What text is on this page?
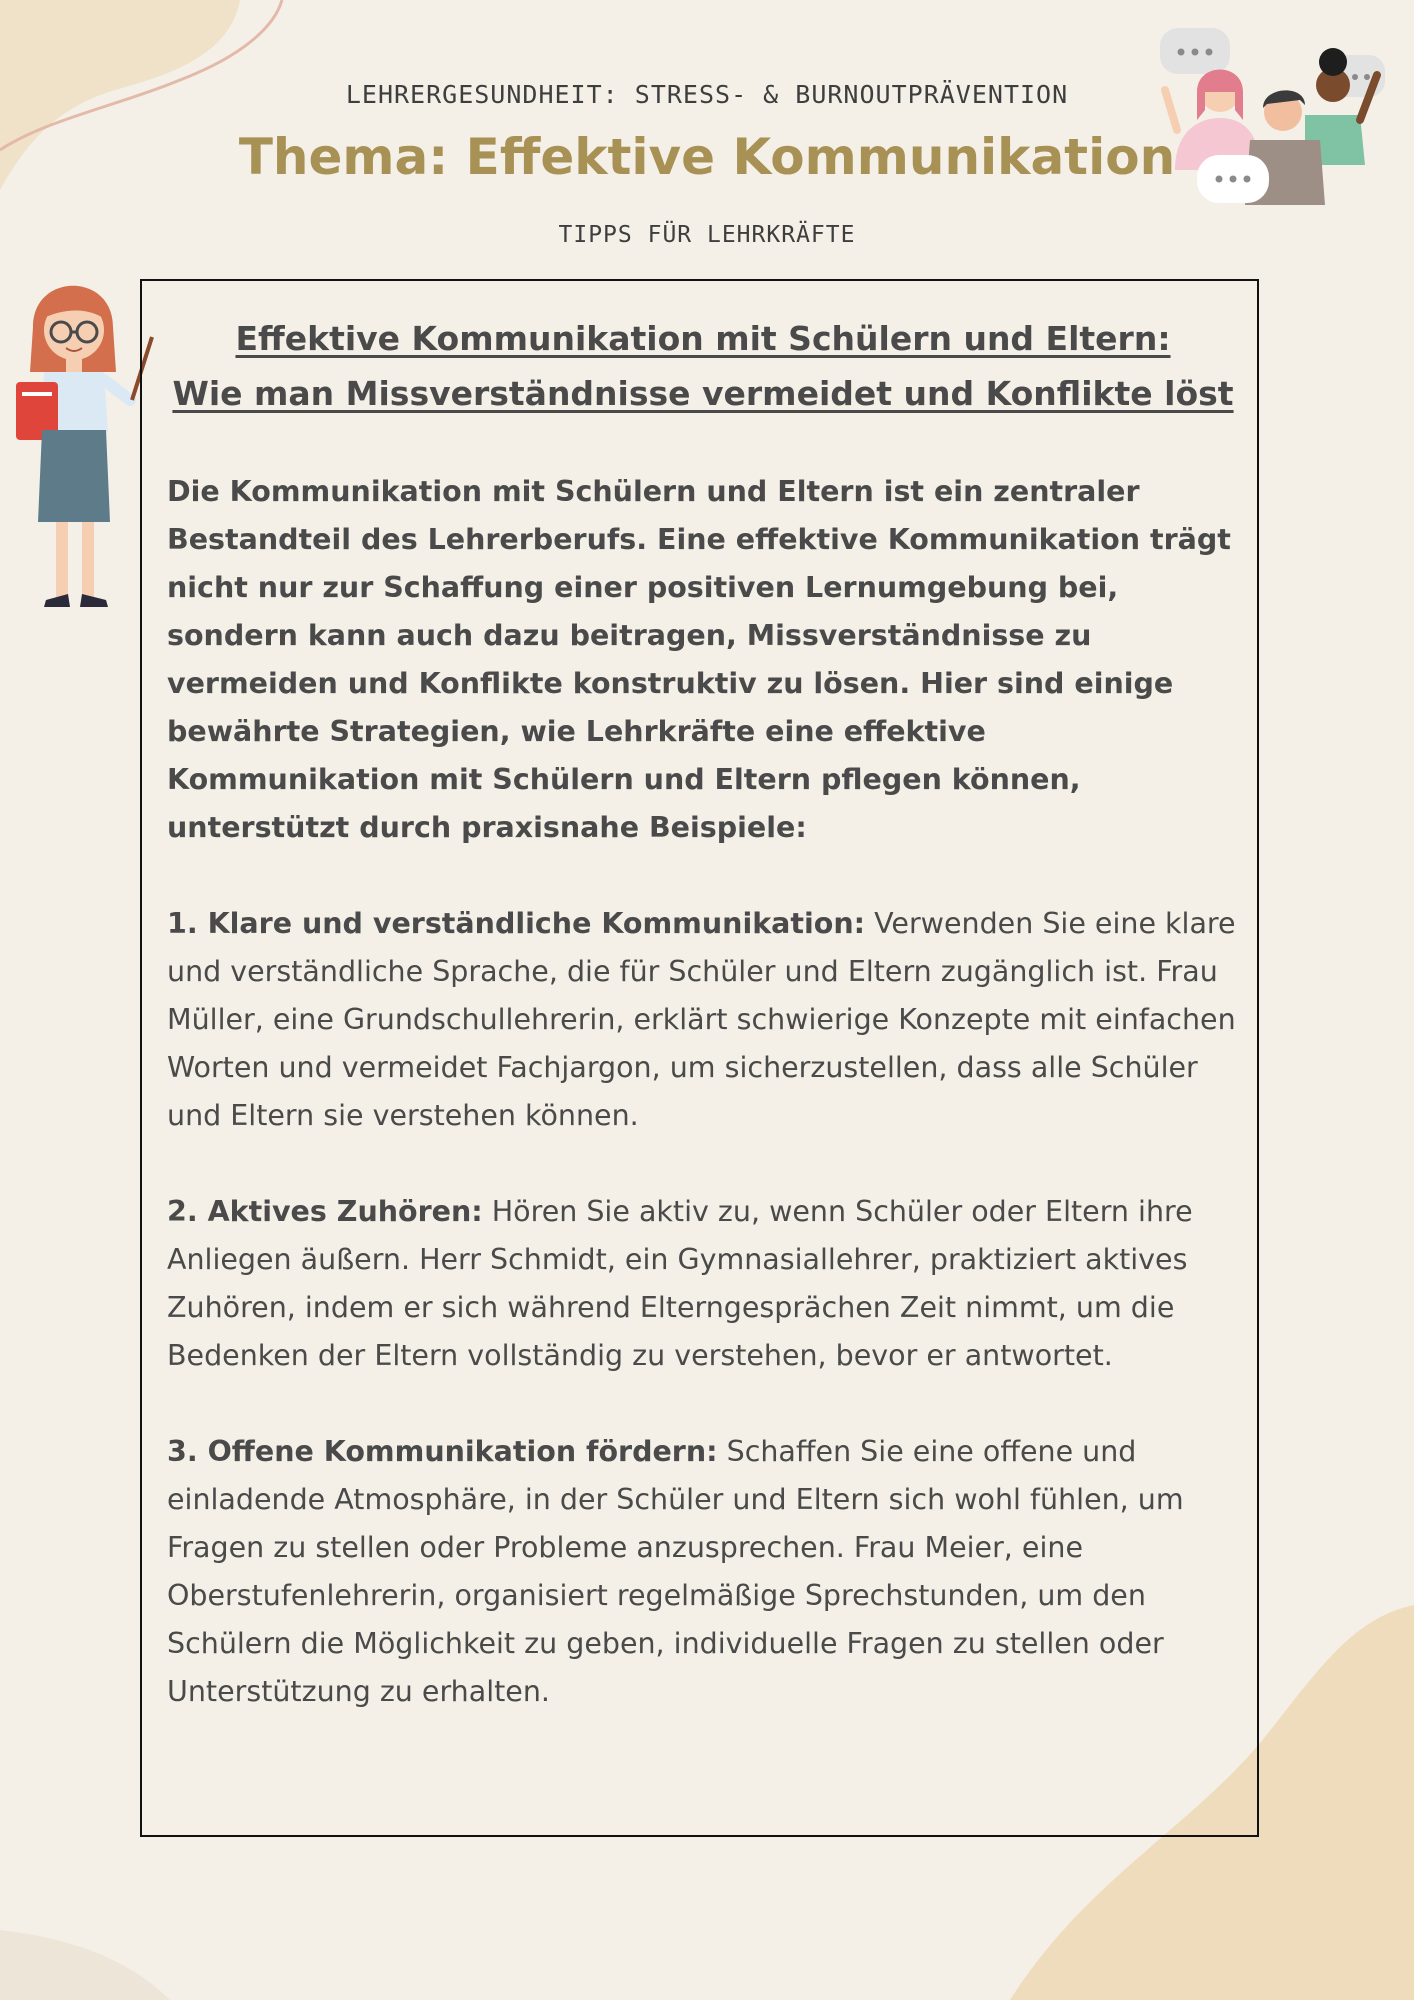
LEHRERGESUNDHEIT: STRESS- & BURNOUTPRÄVENTION
Thema: Effektive Kommunikation
TIPPS FÜR LEHRKRÄFTE
Effektive Kommunikation mit Schülern und Eltern:
Wie man Missverständnisse vermeidet und Konflikte löst

Die Kommunikation mit Schülern und Eltern ist ein zentraler Bestandteil des Lehrerberufs. Eine effektive Kommunikation trägt nicht nur zur Schaffung einer positiven Lernumgebung bei, sondern kann auch dazu beitragen, Missverständnisse zu vermeiden und Konflikte konstruktiv zu lösen. Hier sind einige bewährte Strategien, wie Lehrkräfte eine effektive Kommunikation mit Schülern und Eltern pflegen können, unterstützt durch praxisnahe Beispiele:

1. Klare und verständliche Kommunikation: Verwenden Sie eine klare und verständliche Sprache, die für Schüler und Eltern zugänglich ist. Frau Müller, eine Grundschullehrerin, erklärt schwierige Konzepte mit einfachen Worten und vermeidet Fachjargon, um sicherzustellen, dass alle Schüler und Eltern sie verstehen können.

2. Aktives Zuhören: Hören Sie aktiv zu, wenn Schüler oder Eltern ihre Anliegen äußern. Herr Schmidt, ein Gymnasiallehrer, praktiziert aktives Zuhören, indem er sich während Elterngesprächen Zeit nimmt, um die Bedenken der Eltern vollständig zu verstehen, bevor er antwortet.

3. Offene Kommunikation fördern: Schaffen Sie eine offene und einladende Atmosphäre, in der Schüler und Eltern sich wohl fühlen, um Fragen zu stellen oder Probleme anzusprechen. Frau Meier, eine Oberstufenlehrerin, organisiert regelmäßige Sprechstunden, um den Schülern die Möglichkeit zu geben, individuelle Fragen zu stellen oder Unterstützung zu erhalten.
